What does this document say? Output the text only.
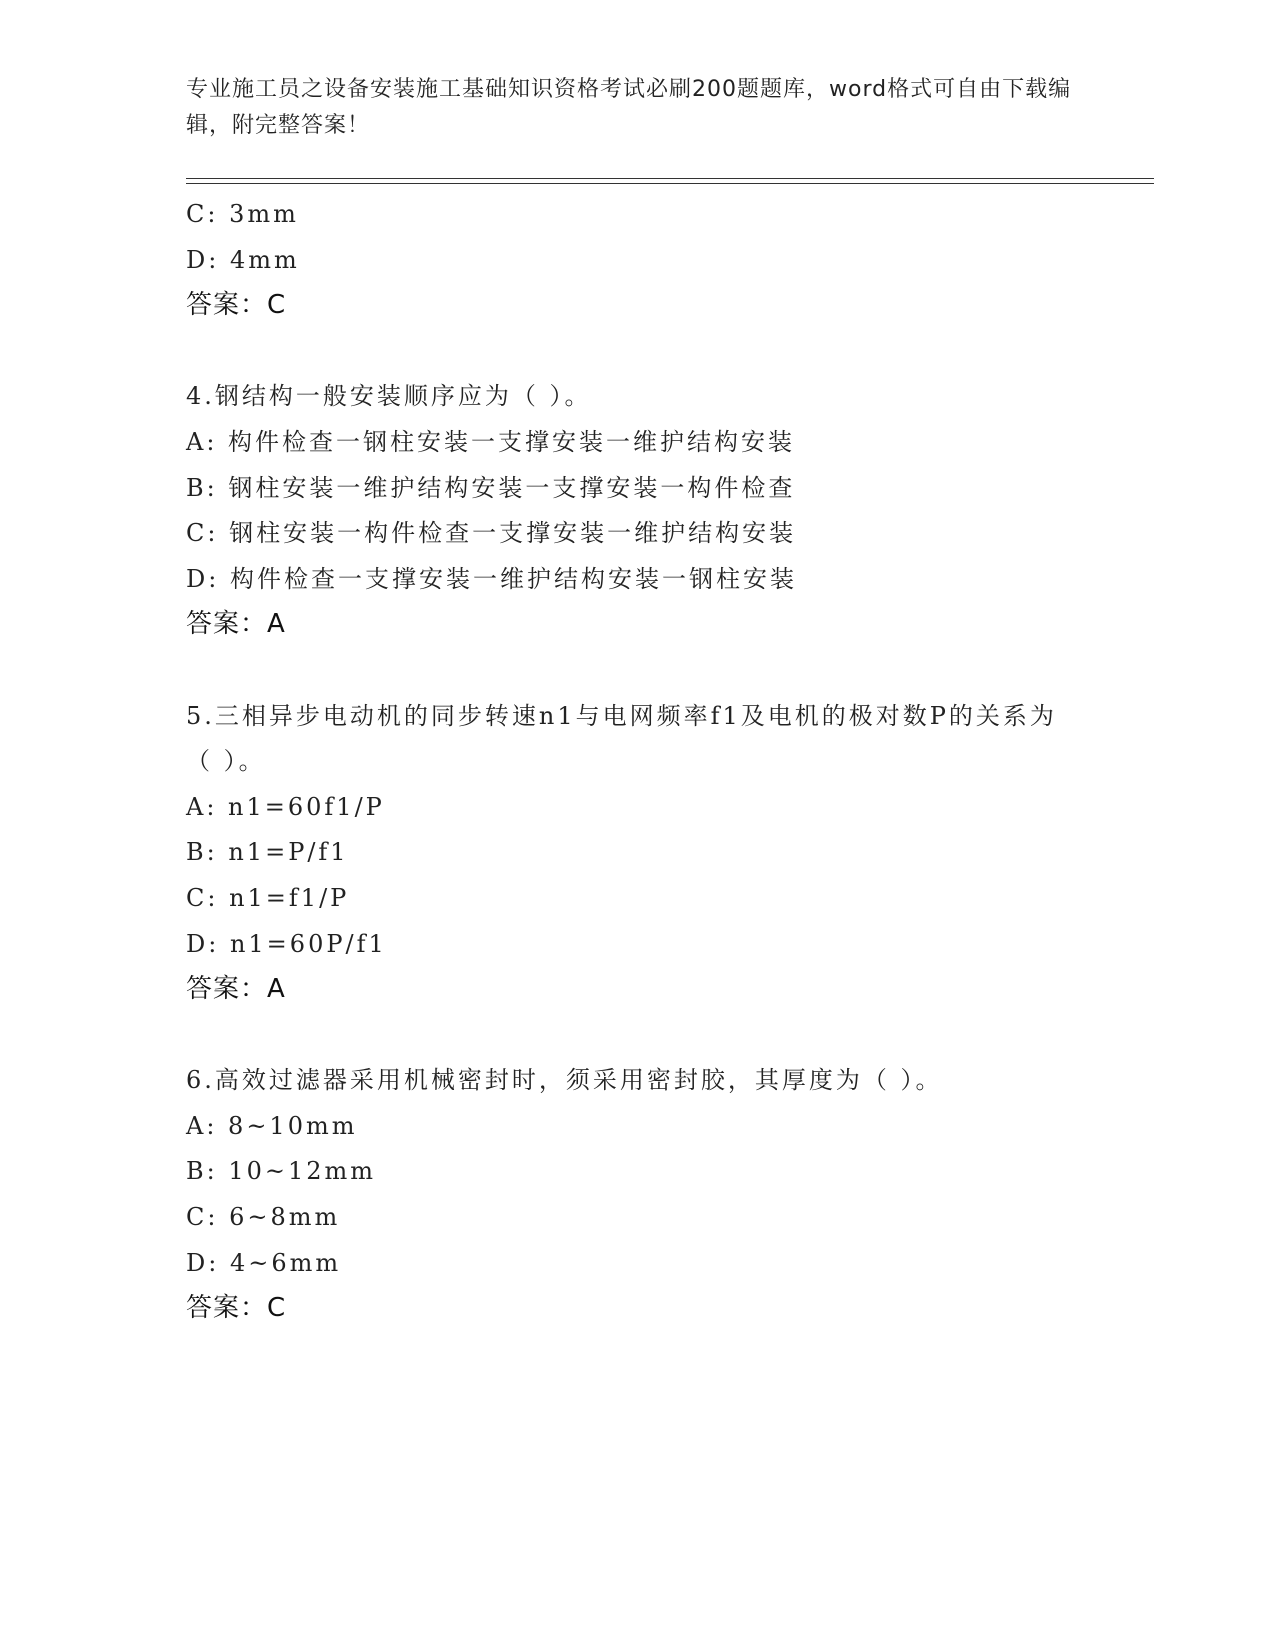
专业施工员之设备安装施工基础知识资格考试必刷200题题库，word格式可自由下载编辑，附完整答案！
C: 3mm
D: 4mm
答案：C
4.钢结构一般安装顺序应为（ ）。
A: 构件检查一钢柱安装一支撑安装一维护结构安装
B: 钢柱安装一维护结构安装一支撑安装一构件检查
C: 钢柱安装一构件检查一支撑安装一维护结构安装
D: 构件检查一支撑安装一维护结构安装一钢柱安装
答案：A
5.三相异步电动机的同步转速n1与电网频率f1及电机的极对数P的关系为（ ）。
A: n1=60f1/P
B: n1=P/f1
C: n1=f1/P
D: n1=60P/f1
答案：A
6.高效过滤器采用机械密封时，须采用密封胶，其厚度为（ ）。
A: 8~10mm
B: 10~12mm
C: 6~8mm
D: 4~6mm
答案：C
